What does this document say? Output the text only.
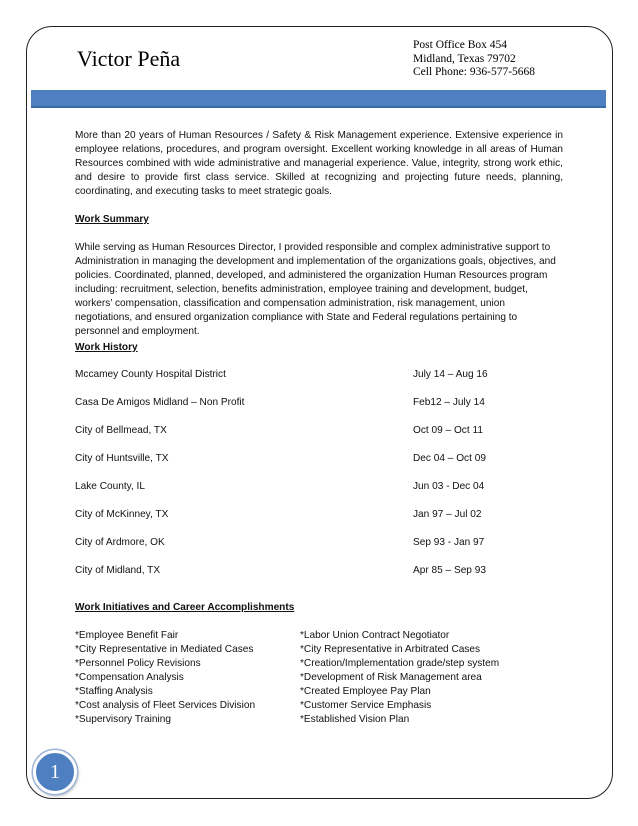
Victor Peña
Post Office Box 454
Midland, Texas 79702
Cell Phone: 936-577-5668

More than 20 years of Human Resources / Safety & Risk Management experience. Extensive experience in employee relations, procedures, and program oversight. Excellent working knowledge in all areas of Human Resources combined with wide administrative and managerial experience. Value, integrity, strong work ethic, and desire to provide first class service. Skilled at recognizing and projecting future needs, planning, coordinating, and executing tasks to meet strategic goals.

Work Summary

While serving as Human Resources Director, I provided responsible and complex administrative support to Administration in managing the development and implementation of the organizations goals, objectives, and policies. Coordinated, planned, developed, and administered the organization Human Resources program including: recruitment, selection, benefits administration, employee training and development, budget, workers’ compensation, classification and compensation administration, risk management, union negotiations, and ensured organization compliance with State and Federal regulations pertaining to personnel and employment.

Work History
Mccamey County Hospital District	July 14 – Aug 16
Casa De Amigos Midland – Non Profit	Feb12 – July 14
City of Bellmead, TX	Oct 09 – Oct 11
City of Huntsville, TX	Dec 04 – Oct 09
Lake County, IL	Jun 03 - Dec 04
City of McKinney, TX	Jan 97 – Jul 02
City of Ardmore, OK	Sep 93 - Jan 97
City of Midland, TX	Apr 85 – Sep 93
Work Initiatives and Career Accomplishments
*Employee Benefit Fair
*City Representative in Mediated Cases
*Personnel Policy Revisions
*Compensation Analysis
*Staffing Analysis
*Cost analysis of Fleet Services Division
*Supervisory Training
*Labor Union Contract Negotiator
*City Representative in Arbitrated Cases
*Creation/Implementation grade/step system
*Development of Risk Management area
*Created Employee Pay Plan
*Customer Service Emphasis
*Established Vision Plan
1
